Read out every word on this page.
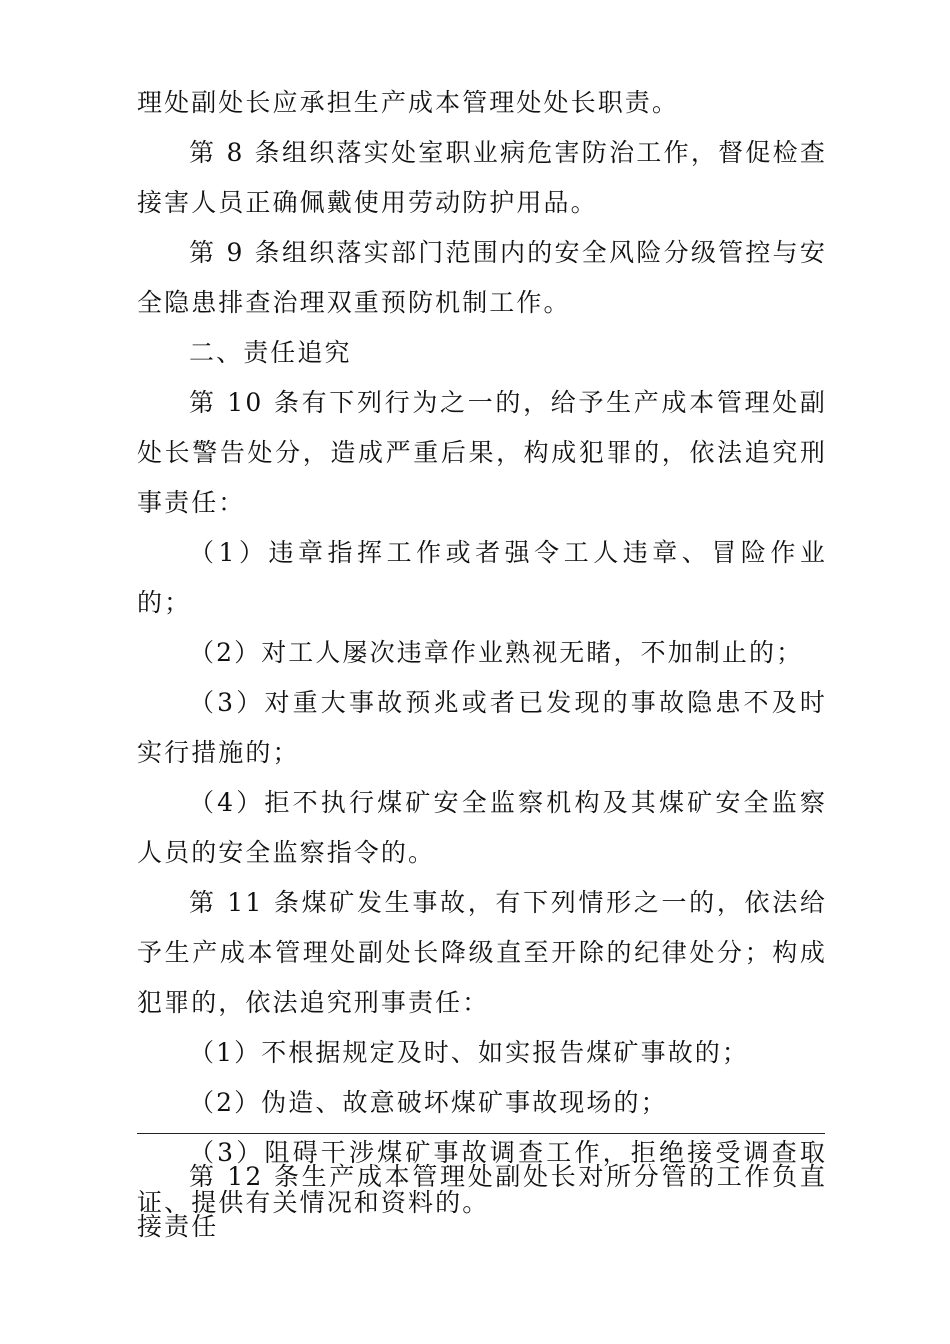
理处副处长应承担生产成本管理处处长职责。

第 8 条组织落实处室职业病危害防治工作，督促检查接害人员正确佩戴使用劳动防护用品。

第 9 条组织落实部门范围内的安全风险分级管控与安全隐患排查治理双重预防机制工作。

二、责任追究

第 10 条有下列行为之一的，给予生产成本管理处副处长警告处分，造成严重后果，构成犯罪的，依法追究刑事责任：

（1）违章指挥工作或者强令工人违章、冒险作业的；

（2）对工人屡次违章作业熟视无睹，不加制止的；

（3）对重大事故预兆或者已发现的事故隐患不及时实行措施的；

（4）拒不执行煤矿安全监察机构及其煤矿安全监察人员的安全监察指令的。

第 11 条煤矿发生事故，有下列情形之一的，依法给予生产成本管理处副处长降级直至开除的纪律处分；构成犯罪的，依法追究刑事责任：

（1）不根据规定及时、如实报告煤矿事故的；

（2）伪造、故意破坏煤矿事故现场的；

（3）阻碍干涉煤矿事故调查工作，拒绝接受调查取证、提供有关情况和资料的。

第 12 条生产成本管理处副处长对所分管的工作负直接责任
